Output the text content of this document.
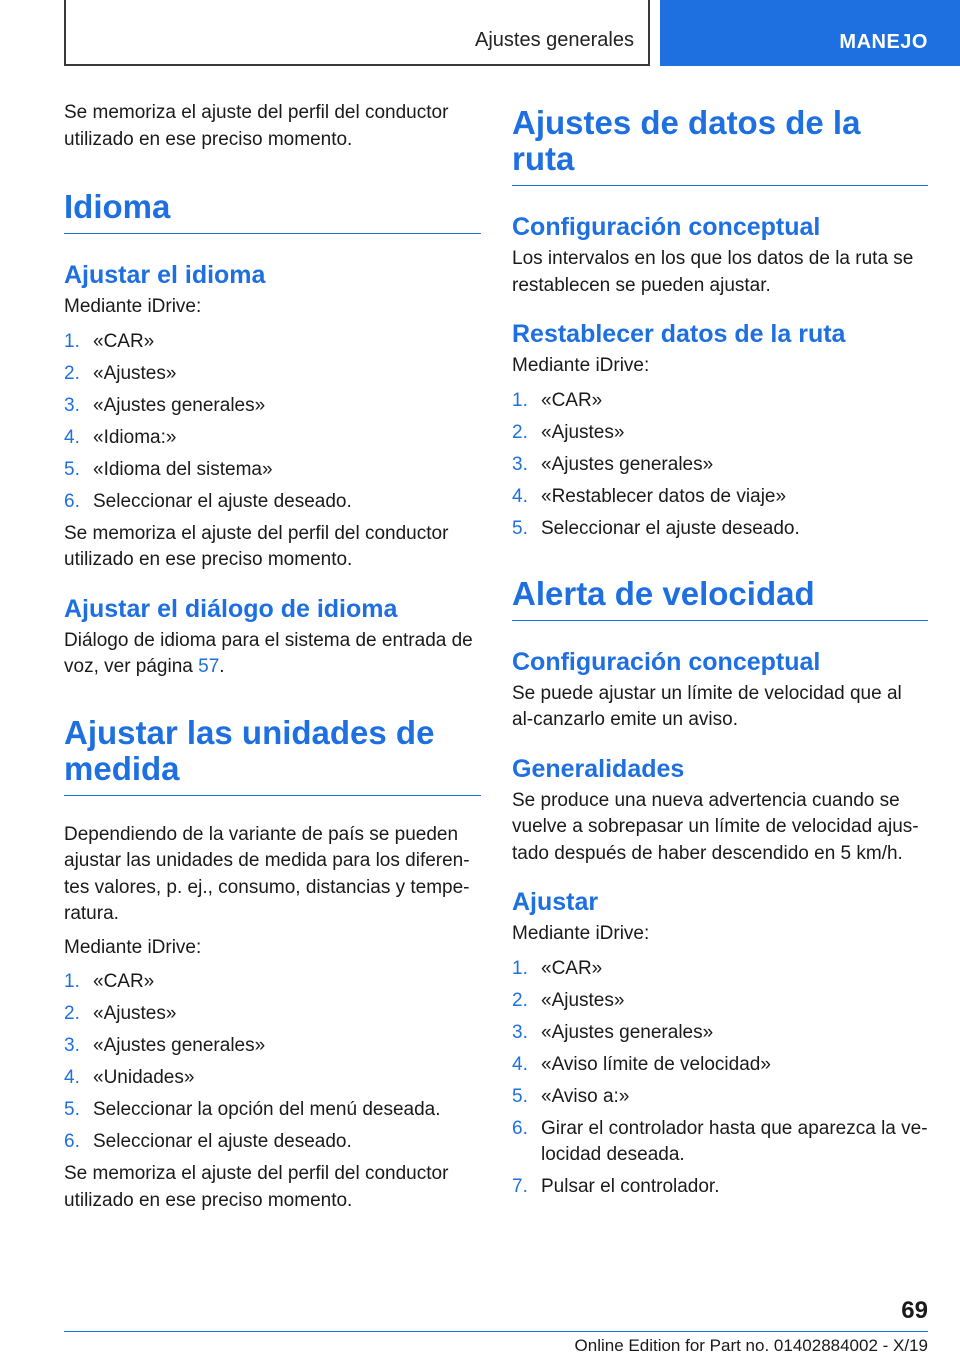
Ajustes generales	MANEJO

Se memoriza el ajuste del perfil del conductor utilizado en ese preciso momento.

Idioma
Ajustar el idioma

Mediante iDrive:

1. «CAR»
2. «Ajustes»
3. «Ajustes generales»
4. «Idioma:»
5. «Idioma del sistema»
6. Seleccionar el ajuste deseado.

Se memoriza el ajuste del perfil del conductor utilizado en ese preciso momento.

Ajustar el diálogo de idioma

Diálogo de idioma para el sistema de entrada de voz, ver página 57.

Ajustar las unidades de
medida

Dependiendo de la variante de país se pueden ajustar las unidades de medida para los diferen-tes valores, p. ej., consumo, distancias y tempe-ratura.

Mediante iDrive:

1. «CAR»
2. «Ajustes»
3. «Ajustes generales»
4. «Unidades»
5. Seleccionar la opción del menú deseada.
6. Seleccionar el ajuste deseado.

Se memoriza el ajuste del perfil del conductor utilizado en ese preciso momento.

Ajustes de datos de la ruta
Configuración conceptual

Los intervalos en los que los datos de la ruta se restablecen se pueden ajustar.

Restablecer datos de la ruta

Mediante iDrive:

1. «CAR»
2. «Ajustes»
3. «Ajustes generales»
4. «Restablecer datos de viaje»
5. Seleccionar el ajuste deseado.
Alerta de velocidad
Configuración conceptual

Se puede ajustar un límite de velocidad que al al-canzarlo emite un aviso.

Generalidades

Se produce una nueva advertencia cuando se vuelve a sobrepasar un límite de velocidad ajus-tado después de haber descendido en 5 km/h.

Ajustar

Mediante iDrive:

1. «CAR»
2. «Ajustes»
3. «Ajustes generales»
4. «Aviso límite de velocidad»
5. «Aviso a:»
6. Girar el controlador hasta que aparezca la ve-locidad deseada.
7. Pulsar el controlador.
69
Online Edition for Part no. 01402884002 - X/19
